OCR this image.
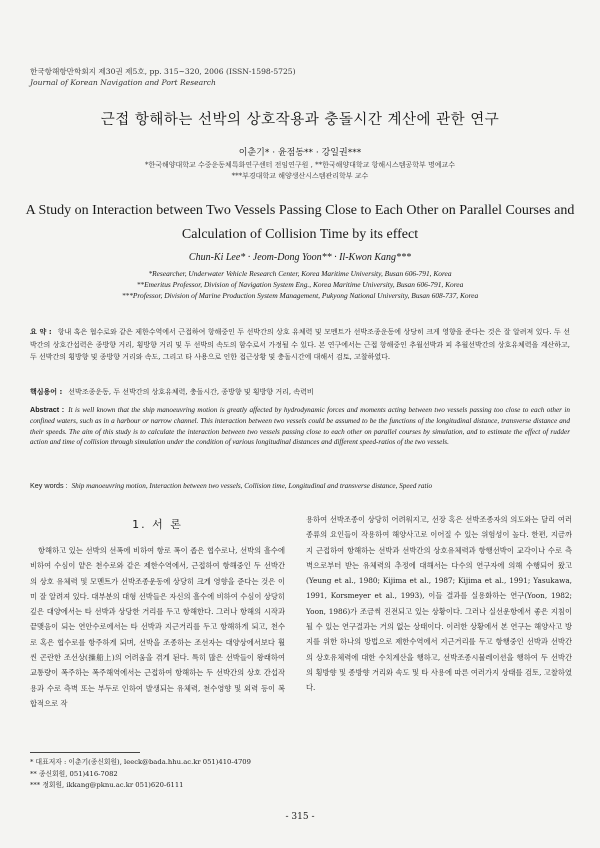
한국항해항만학회지 제30권 제5호, pp. 315~320, 2006 (ISSN-1598-5725)
Journal of Korean Navigation and Port Research
근접 항해하는 선박의 상호작용과 충돌시간 계산에 관한 연구
이춘기* · 윤점동** · 강일권***
*한국해양대학교 수중운동체특화연구센터 전임연구원 , **한국해양대학교 항해시스템공학부 명예교수
***부경대학교 해양생산시스템관리학부 교수
A Study on Interaction between Two Vessels Passing Close to Each Other on Parallel Courses and Calculation of Collision Time by its effect
Chun-Ki Lee* · Jeom-Dong Yoon** · Il-Kwon Kang***
*Researcher, Underwater Vehicle Research Center, Korea Maritime University, Busan 606-791, Korea
**Emeritus Professor, Division of Navigation System Eng., Korea Maritime University, Busan 606-791, Korea
***Professor, Division of Marine Production System Management, Pukyong National University, Busan 608-737, Korea
요 약 : 항내 혹은 협수로와 같은 제한수역에서 근접하여 항해중인 두 선박간의 상호 유체력 및 모멘트가 선박조종운동에 상당히 크게 영향을 준다는 것은 잘 알려져 있다. 두 선박간의 상호간섭력은 종방향 거리, 횡방향 거리 및 두 선박의 속도의 함수로서 가정될 수 있다. 본 연구에서는 근접 항해중인 추월선박과 피 추월선박간의 상호유체력을 계산하고, 두 선박간의 횡방향 및 종방향 거리와 속도, 그리고 타 사용으로 인한 접근상황 및 충돌시간에 대해서 검토, 고찰하였다.
핵심용어 : 선박조종운동, 두 선박간의 상호유체력, 충돌시간, 종방향 및 횡방향 거리, 속력비
Abstract : It is well known that the ship manoeuvring motion is greatly affected by hydrodynamic forces and moments acting between two vessels passing too close to each other in confined waters, such as in a harbour or narrow channel. This interaction between two vessels could be assumed to be the functions of the longitudinal distance, transverse distance and their speeds. The aim of this study is to calculate the interaction between two vessels passing close to each other on parallel courses by simulation, and to estimate the effect of rudder action and time of collision through simulation under the condition of various longitudinal distances and different speed-ratios of the two vessels.
Key words : Ship manoeuvring motion, Interaction between two vessels, Collision time, Longitudinal and transverse distance, Speed ratio
1. 서 론
항해하고 있는 선박의 선폭에 비하여 항로 폭이 좁은 협수로나, 선박의 흘수에 비하여 수심이 얕은 천수로와 같은 제한수역에서, 근접하여 항해중인 두 선박간의 상호 유체력 및 모멘트가 선박조종운동에 상당히 크게 영향을 준다는 것은 이미 잘 알려져 있다. 대부분의 대형 선박들은 자신의 흘수에 비하여 수심이 상당히 깊은 대양에서는 타 선박과 상당한 거리를 두고 항해한다. 그러나 항해의 시작과 끝맺음이 되는 연안수로에서는 타 선박과 지근거리를 두고 항해하게 되고, 천수로 혹은 협수로를 항주하게 되며, 선박을 조종하는 조선자는 대양상에서보다 훨씬 곤란한 조선상(操船上)의 어려움을 겪게 된다. 특히 많은 선박들이 왕래하여 교통량이 폭주하는 폭주해역에서는 근접하여 항해하는 두 선박간의 상호 간섭작용과 수로 측벽 또는 부두로 인하여 발생되는 유체력, 천수영향 및 외력 등이 복합적으로 작
용하여 선박조종이 상당히 어려워지고, 선장 혹은 선박조종자의 의도와는 달리 여러 종류의 요인들이 작용하여 해양사고로 이어질 수 있는 위험성이 높다. 한편, 지금까지 근접하여 항해하는 선박과 선박간의 상호유체력과 항행선박이 교각이나 수로 측벽으로부터 받는 유체력의 추정에 대해서는 다수의 연구자에 의해 수행되어 왔고(Yeung et al., 1980; Kijima et al., 1987; Kijima et al., 1991; Yasukawa, 1991, Korsmeyer et al., 1993), 이들 결과를 실용화하는 연구(Yoon, 1982; Yoon, 1986)가 조금씩 진전되고 있는 상황이다. 그러나 실선운항에서 좋은 지침이 될 수 있는 연구결과는 거의 없는 상태이다. 이러한 상황에서 본 연구는 해양사고 방지를 위한 하나의 방법으로 제한수역에서 지근거리를 두고 항행중인 선박과 선박간의 상호유체력에 대한 수치계산을 행하고, 선박조종시뮬레이션을 행하여 두 선박간의 횡방향 및 종방향 거리와 속도 및 타 사용에 따른 여러가지 상태를 검토, 고찰하였다.
* 대표저자 : 이춘기(종신회원), leeck@bada.hhu.ac.kr 051)410-4709
** 종신회원, 051)416-7082
*** 정회원, ikkang@pknu.ac.kr 051)620-6111
- 315 -
